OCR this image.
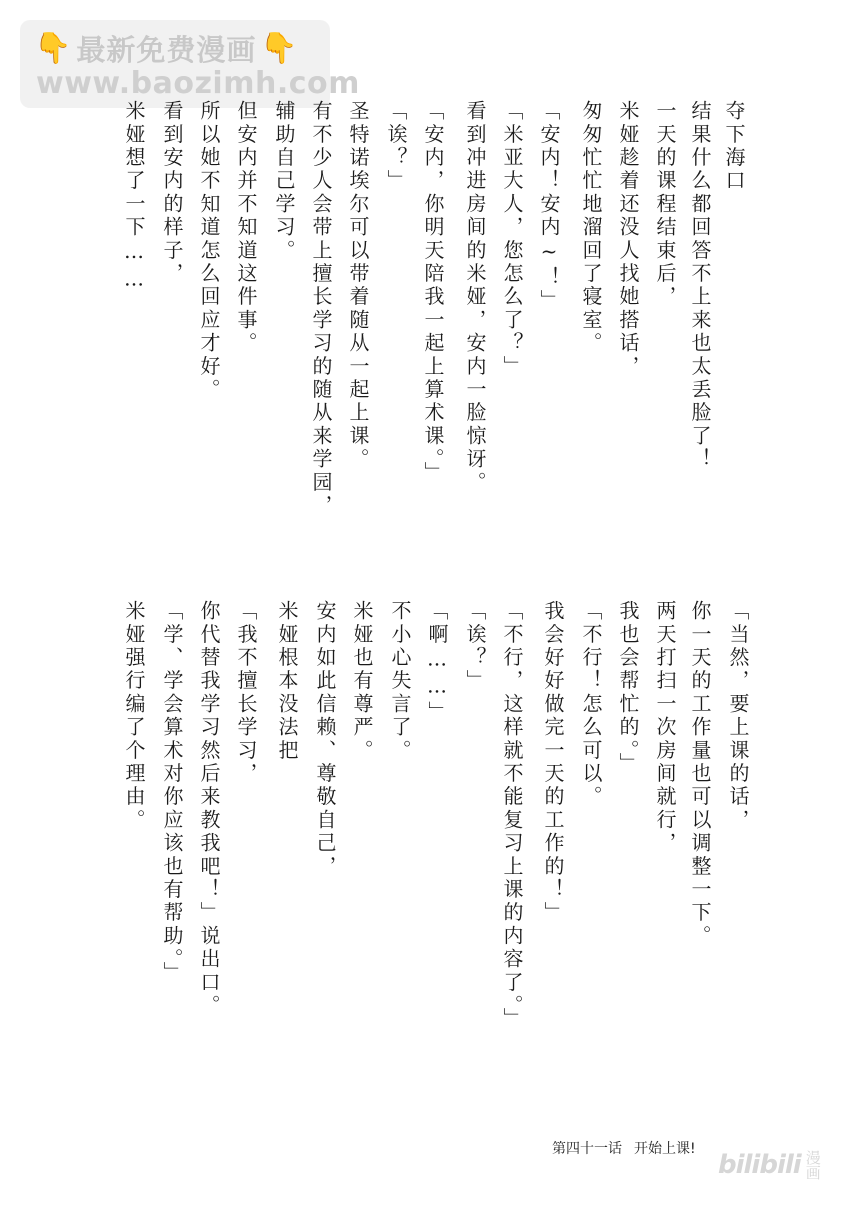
👇 最新免费漫画 👇
www.baozimh.com
夺下海口
结果什么都回答不上来也太丢脸了！
一天的课程结束后，
米娅趁着还没人找她搭话，
匆匆忙忙地溜回了寝室。
「安内！安内~！」
「米亚大人，您怎么了？」
看到冲进房间的米娅，安内一脸惊讶。
「安内，你明天陪我一起上算术课。」
「诶？」
圣特诺埃尔可以带着随从一起上课。
有不少人会带上擅长学习的随从来学园，
辅助自己学习。
但安内并不知道这件事。
所以她不知道怎么回应才好。
看到安内的样子，
米娅想了一下……
「当然，要上课的话，
你一天的工作量也可以调整一下。
两天打扫一次房间就行，
我也会帮忙的。」
「不行！怎么可以。
我会好好做完一天的工作的！」
「不行，这样就不能复习上课的内容了。」
「诶？」
「啊……」
不小心失言了。
米娅也有尊严。
安内如此信赖、尊敬自己，
米娅根本没法把
「我不擅长学习，
你代替我学习然后来教我吧！」说出口。
「学、学会算术对你应该也有帮助。」
米娅强行编了个理由。
第四十一话 开始上课!
bilibili 漫画
